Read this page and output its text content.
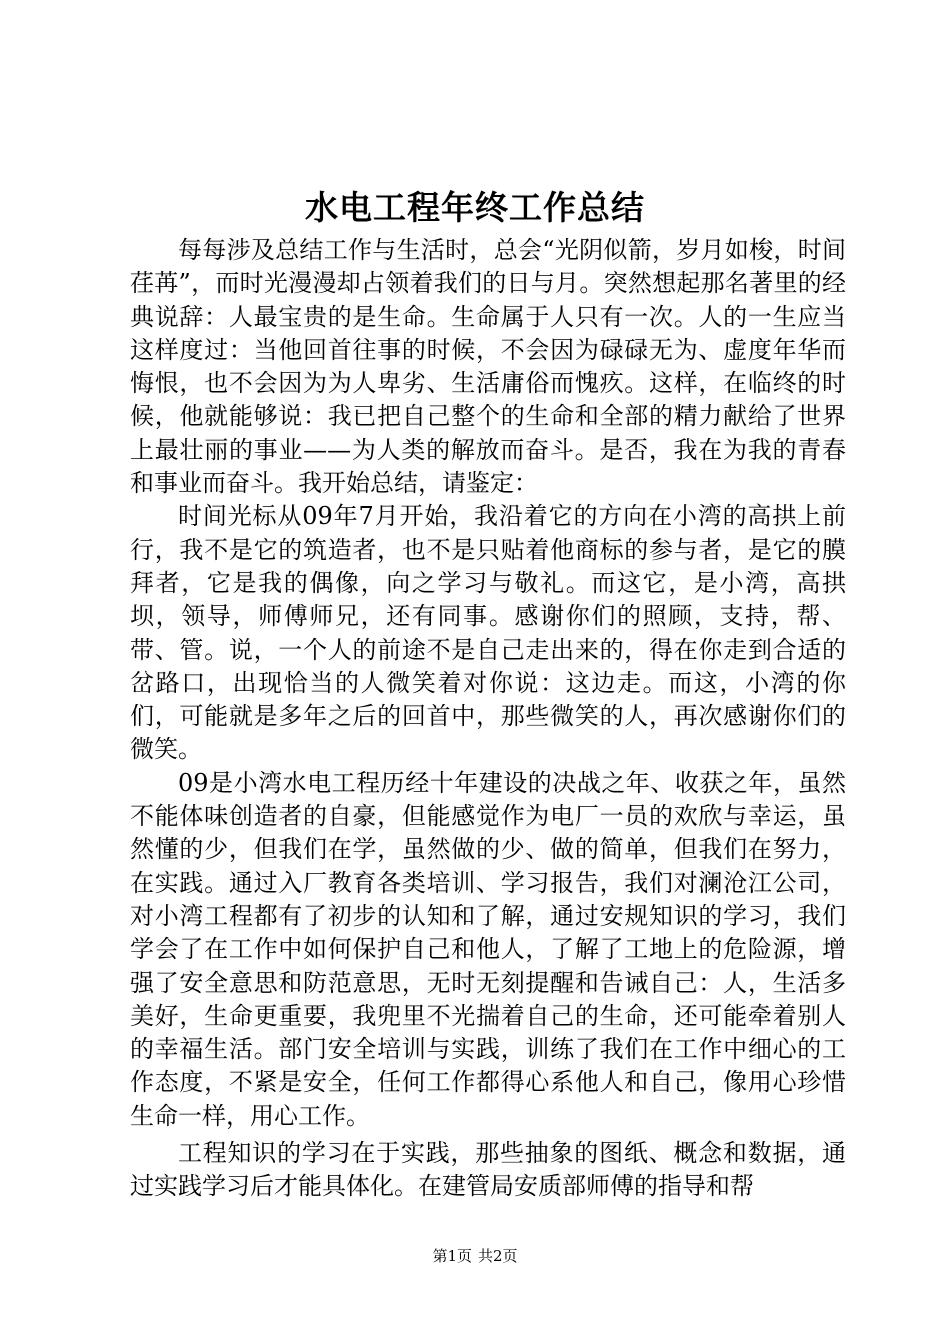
水电工程年终工作总结

每每涉及总结工作与生活时，总会“光阴似箭，岁月如梭，时间荏苒”，而时光漫漫却占领着我们的日与月。突然想起那名著里的经典说辞：人最宝贵的是生命。生命属于人只有一次。人的一生应当这样度过：当他回首往事的时候，不会因为碌碌无为、虚度年华而悔恨，也不会因为为人卑劣、生活庸俗而愧疚。这样，在临终的时候，他就能够说：我已把自己整个的生命和全部的精力献给了世界上最壮丽的事业——为人类的解放而奋斗。是否，我在为我的青春和事业而奋斗。我开始总结，请鉴定：

时间光标从09年7月开始，我沿着它的方向在小湾的高拱上前行，我不是它的筑造者，也不是只贴着他商标的参与者，是它的膜拜者，它是我的偶像，向之学习与敬礼。而这它，是小湾，高拱坝，领导，师傅师兄，还有同事。感谢你们的照顾，支持，帮、带、管。说，一个人的前途不是自己走出来的，得在你走到合适的岔路口，出现恰当的人微笑着对你说：这边走。而这，小湾的你们，可能就是多年之后的回首中，那些微笑的人，再次感谢你们的微笑。

09是小湾水电工程历经十年建设的决战之年、收获之年，虽然不能体味创造者的自豪，但能感觉作为电厂一员的欢欣与幸运，虽然懂的少，但我们在学，虽然做的少、做的简单，但我们在努力，在实践。通过入厂教育各类培训、学习报告，我们对澜沧江公司，对小湾工程都有了初步的认知和了解，通过安规知识的学习，我们学会了在工作中如何保护自己和他人，了解了工地上的危险源，增强了安全意思和防范意思，无时无刻提醒和告诫自己：人，生活多美好，生命更重要，我兜里不光揣着自己的生命，还可能牵着别人的幸福生活。部门安全培训与实践，训练了我们在工作中细心的工作态度，不紧是安全，任何工作都得心系他人和自己，像用心珍惜生命一样，用心工作。

工程知识的学习在于实践，那些抽象的图纸、概念和数据，通过实践学习后才能具体化。在建管局安质部师傅的指导和帮

第1页 共2页
